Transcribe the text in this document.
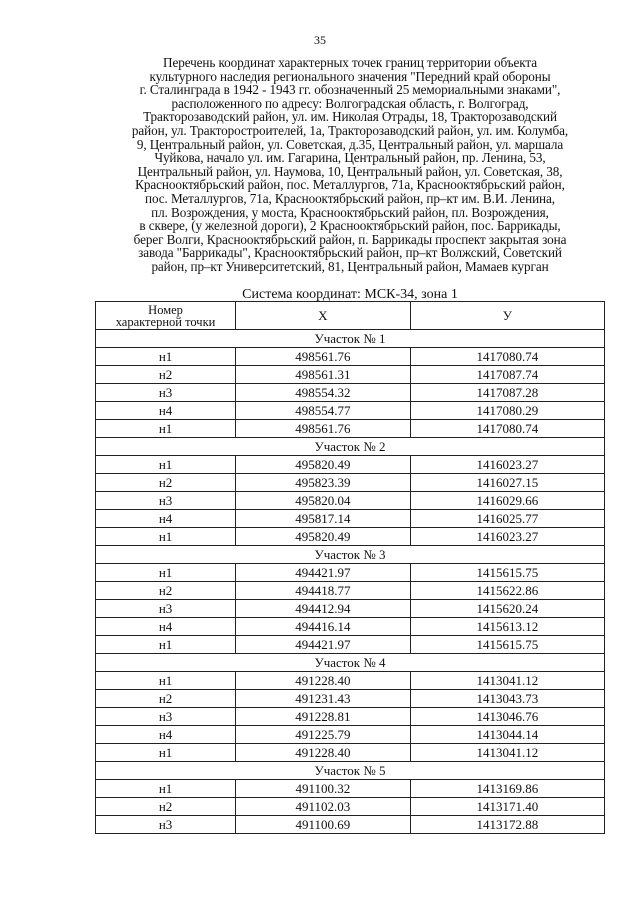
35
Перечень координат характерных точек границ территории объекта
культурного наследия регионального значения "Передний край обороны
г. Сталинграда в 1942 - 1943 гг. обозначенный 25 мемориальными знаками",
расположенного по адресу: Волгоградская область, г. Волгоград,
Тракторозаводский район, ул. им. Николая Отрады, 18, Тракторозаводский
район, ул. Тракторостроителей, 1а, Тракторозаводский район, ул. им. Колумба,
9, Центральный район, ул. Советская, д.35, Центральный район, ул. маршала
Чуйкова, начало ул. им. Гагарина, Центральный район, пр. Ленина, 53,
Центральный район, ул. Наумова, 10, Центральный район, ул. Советская, 38,
Краснооктябрьский район, пос. Металлургов, 71а, Краснооктябрьский район,
пос. Металлургов, 71а, Краснооктябрьский район, пр–кт им. В.И. Ленина,
пл. Возрождения, у моста, Краснооктябрьский район, пл. Возрождения,
в сквере, (у железной дороги), 2 Краснооктябрьский район, пос. Баррикады,
берег Волги, Краснооктябрьский район, п. Баррикады проспект закрытая зона
завода "Баррикады", Краснооктябрьский район, пр–кт Волжский, Советский
район, пр–кт Университетский, 81, Центральный район, Мамаев курган
Система координат: МСК-34, зона 1
Номер
характерной точки	X	У
Участок № 1		
н1	498561.76	1417080.74
н2	498561.31	1417087.74
н3	498554.32	1417087.28
н4	498554.77	1417080.29
н1	498561.76	1417080.74
Участок № 2		
н1	495820.49	1416023.27
н2	495823.39	1416027.15
н3	495820.04	1416029.66
н4	495817.14	1416025.77
н1	495820.49	1416023.27
Участок № 3		
н1	494421.97	1415615.75
н2	494418.77	1415622.86
н3	494412.94	1415620.24
н4	494416.14	1415613.12
н1	494421.97	1415615.75
Участок № 4		
н1	491228.40	1413041.12
н2	491231.43	1413043.73
н3	491228.81	1413046.76
н4	491225.79	1413044.14
н1	491228.40	1413041.12
Участок № 5		
н1	491100.32	1413169.86
н2	491102.03	1413171.40
н3	491100.69	1413172.88
